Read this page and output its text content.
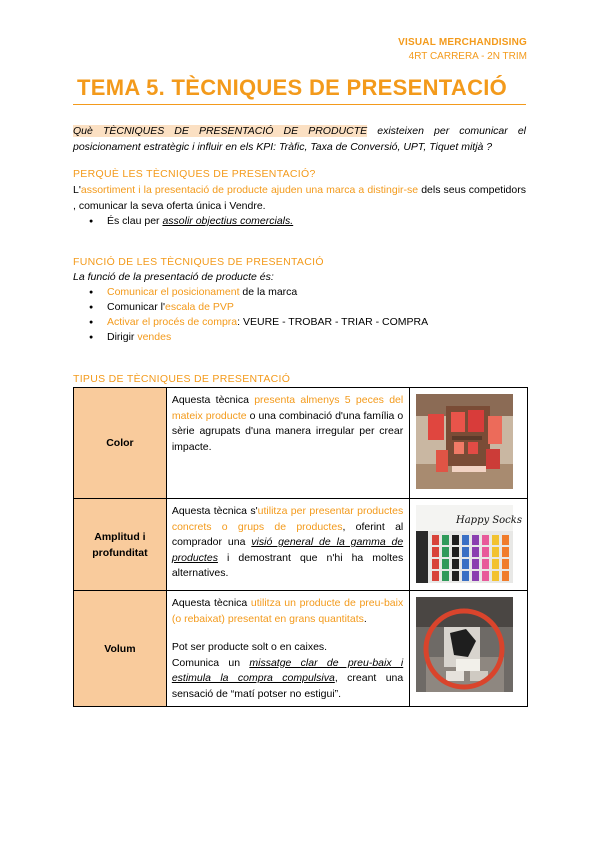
VISUAL MERCHANDISING
4RT CARRERA - 2N TRIM
TEMA 5. TÈCNIQUES DE PRESENTACIÓ
Què TÈCNIQUES DE PRESENTACIÓ DE PRODUCTE existeixen per comunicar el posicionament estratègic i influir en els KPI: Tràfic, Taxa de Conversió, UPT, Tiquet mitjà ?
PERQUÈ LES TÈCNIQUES DE PRESENTACIÓ?

L'assortiment i la presentació de producte ajuden una marca a distingir-se dels seus competidors , comunicar la seva oferta única i Vendre.

● És clau per assolir objectius comercials.
FUNCIÓ DE LES TÈCNIQUES DE PRESENTACIÓ

La funció de la presentació de producte és:

● Comunicar el posicionament de la marca
● Comunicar l'escala de PVP
● Activar el procés de compra: VEURE - TROBAR - TRIAR - COMPRA
● Dirigir vendes
TIPUS DE TÈCNIQUES DE PRESENTACIÓ
Color	Aquesta tècnica presenta almenys 5 peces del mateix producte o una combinació d'una família o sèrie agrupats d'una manera irregular per crear impacte.

Amplitud i profunditat	Aquesta tècnica s'utilitza per presentar productes concrets o grups de productes, oferint al comprador una visió general de la gamma de productes i demostrant que n'hi ha moltes alternatives.	Happy Socks

Volum	Aquesta tècnica utilitza un producte de preu-baix (o rebaixat) presentat en grans quantitats.

Pot ser producte solt o en caixes.

Comunica un missatge clar de preu-baix i estimula la compra compulsiva, creant una sensació de “matí potser no estigui”.
